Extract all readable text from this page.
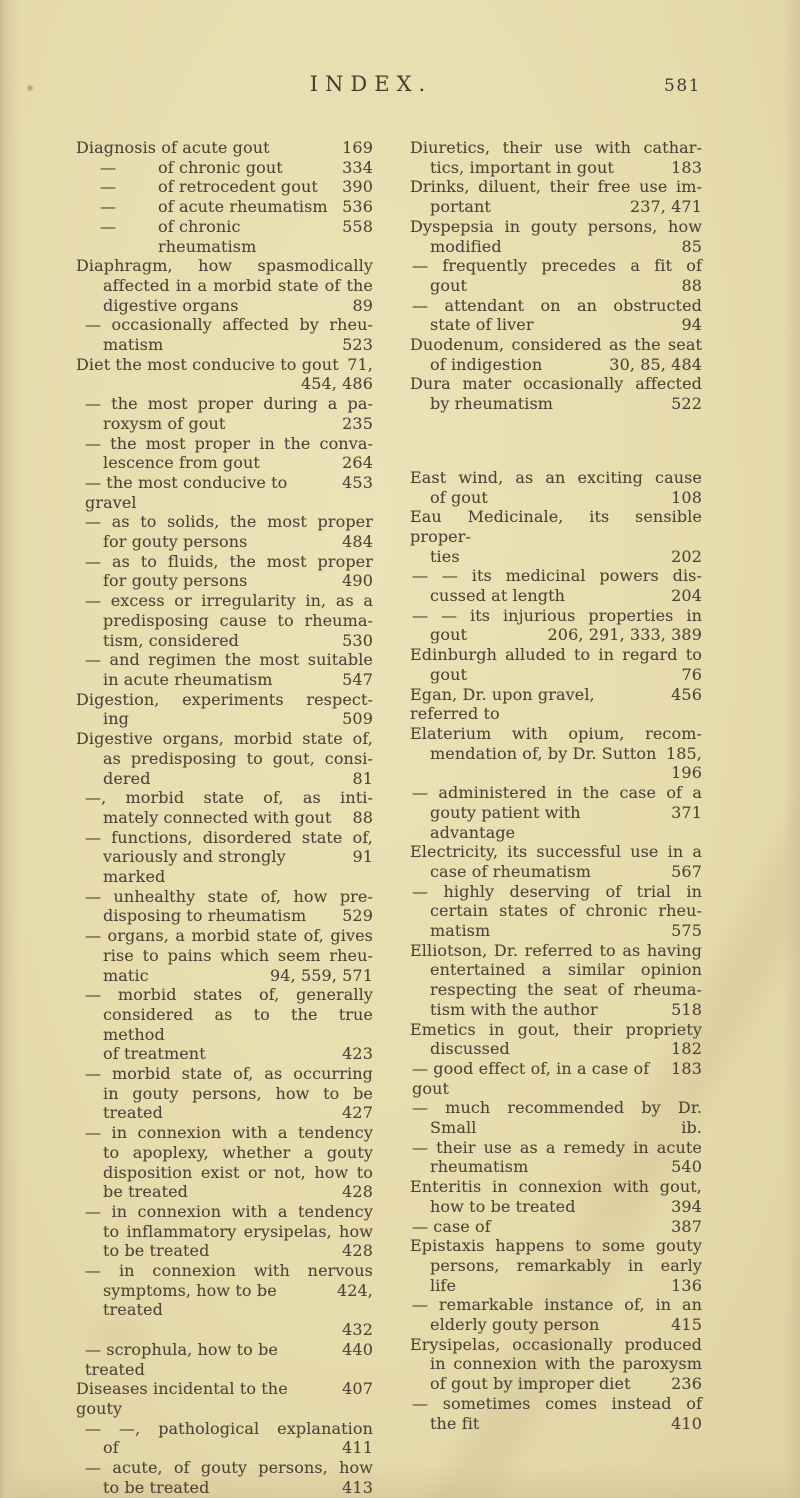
INDEX.	581
Diagnosis of acute gout	169
—	of chronic gout	334
—	of retrocedent gout	390
—	of acute rheumatism 536
—	of chronic rheumatism
558
Diaphragm, how spasmodically
affected in a morbid state of the
digestive organs	89
— occasionally affected by rheu-
matism	523
Diet the most conducive to gout 71,
454, 486
— the most proper during a pa-
roxysm of gout	235
— the most proper in the conva-
lescence from gout	264
— the most conducive to gravel
453
— as to solids, the most proper
for gouty persons	484
— as to fluids, the most proper
for gouty persons	490
— excess or irregularity in, as a
predisposing cause to rheuma-
tism, considered	530
— and regimen the most suitable
in acute rheumatism	547
Digestion, experiments respect-
ing	509
Digestive organs, morbid state of,
as predisposing to gout, consi-
dered	81
—, morbid state of, as inti-
mately connected with gout	88
— functions, disordered state of,
variously and strongly marked
91
— unhealthy state of, how pre-
disposing to rheumatism	529
— organs, a morbid state of, gives
rise to pains which seem rheu-
matic	94, 559, 571
— morbid states of, generally
considered as to the true method
of treatment	423
— morbid state of, as occurring
in gouty persons, how to be
treated	427
— in connexion with a tendency
to apoplexy, whether a gouty
disposition exist or not, how to
be treated	428
— in connexion with a tendency
to inflammatory erysipelas, how
to be treated	428
— in connexion with nervous
symptoms, how to be treated
424,
432
— scrophula, how to be treated
440
Diseases incidental to the gouty
407
— —, pathological explanation
of	411
— acute, of gouty persons, how
to be treated	413
Diuretics, their use with cathar-
tics, important in gout	183
Drinks, diluent, their free use im-
portant	237, 471
Dyspepsia in gouty persons, how
modified	85
— frequently precedes a fit of
gout	88
— attendant on an obstructed
state of liver	94
Duodenum, considered as the seat
of indigestion	30, 85, 484
Dura mater occasionally affected
by rheumatism	522
East wind, as an exciting cause
of gout	108
Eau Medicinale, its sensible proper-
ties	202
— — its medicinal powers dis-
cussed at length	204
— — its injurious properties in
gout	206, 291, 333, 389
Edinburgh alluded to in regard to
gout	76
Egan, Dr. upon gravel, referred to
456
Elaterium with opium, recom-
mendation of, by Dr. Sutton 185,
196
— administered in the case of a
gouty patient with advantage
371
Electricity, its successful use in a
case of rheumatism	567
— highly deserving of trial in
certain states of chronic rheu-
matism	575
Elliotson, Dr. referred to as having
entertained a similar opinion
respecting the seat of rheuma-
tism with the author	518
Emetics in gout, their propriety
discussed	182
— good effect of, in a case of gout
183
— much recommended by Dr.
Small	ib.
— their use as a remedy in acute
rheumatism	540
Enteritis in connexion with gout,
how to be treated	394
— case of	387
Epistaxis happens to some gouty
persons, remarkably in early
life	136
— remarkable instance of, in an
elderly gouty person	415
Erysipelas, occasionally produced
in connexion with the paroxysm
of gout by improper diet	236
— sometimes comes instead of
the fit	410
